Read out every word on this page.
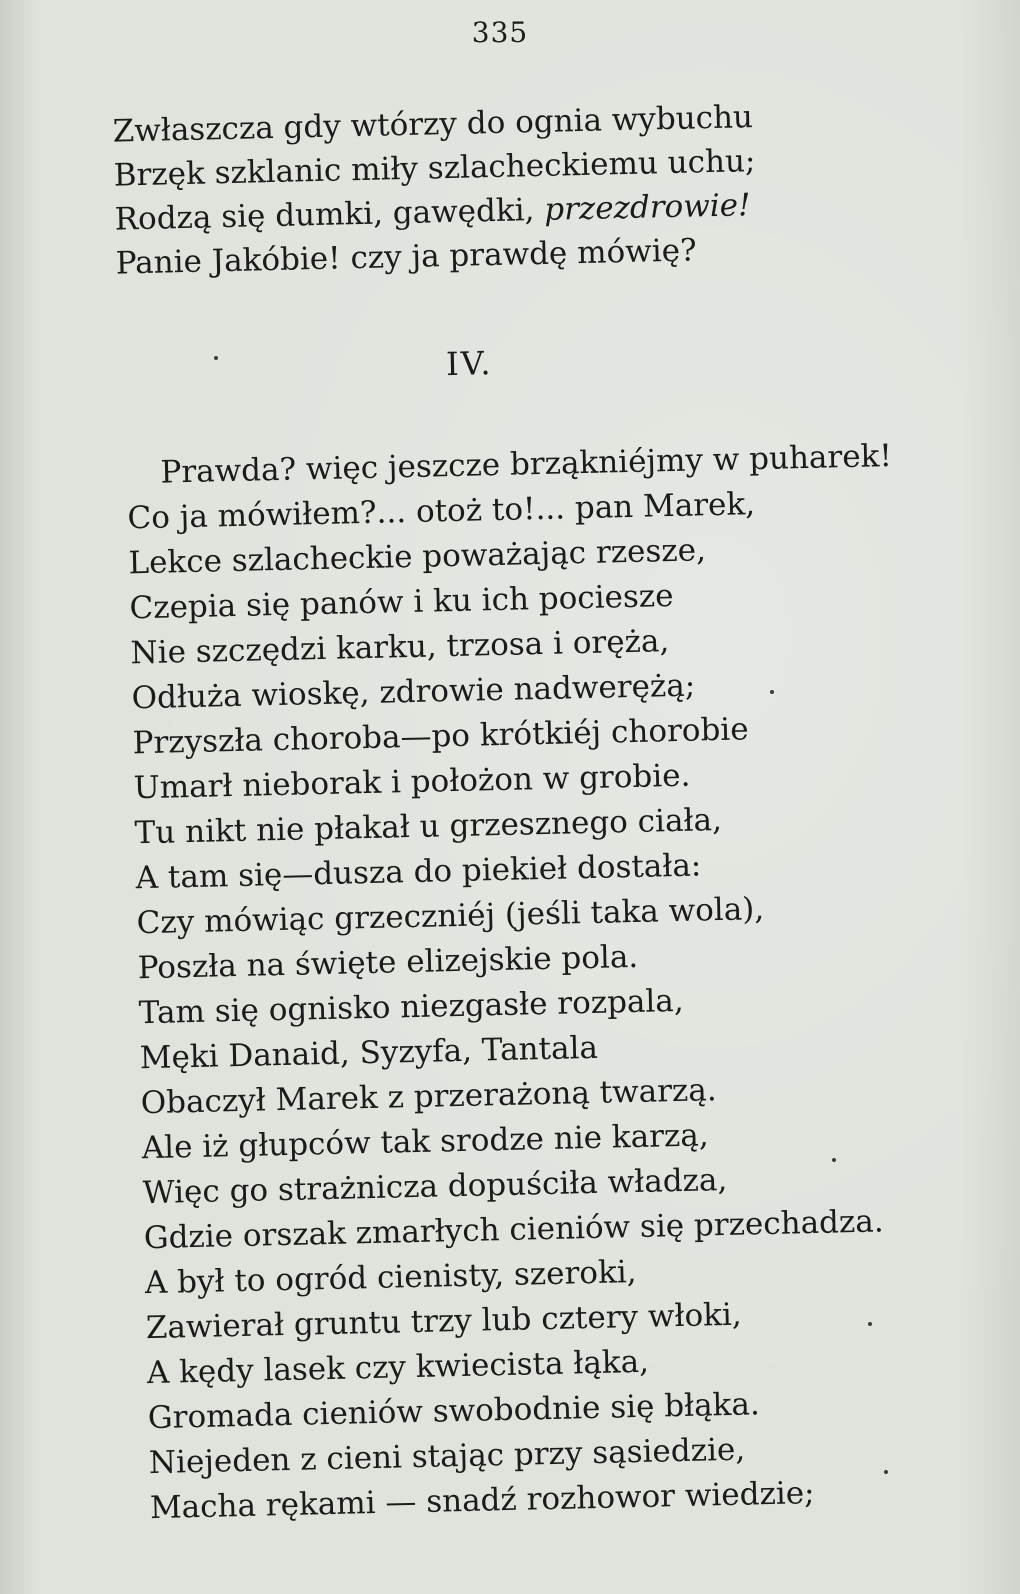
335
Zwłaszcza gdy wtórzy do ognia wybuchu
Brzęk szklanic miły szlacheckiemu uchu;
Rodzą się dumki, gawędki, przezdrowie!
Panie Jakóbie! czy ja prawdę mówię?
IV.
Prawda? więc jeszcze brząkniéjmy w puharek!
Co ja mówiłem?... otoż to!... pan Marek,
Lekce szlacheckie poważając rzesze,
Czepia się panów i ku ich pociesze
Nie szczędzi karku, trzosa i oręża,
Odłuża wioskę, zdrowie nadwerężą;
Przyszła choroba—po krótkiéj chorobie
Umarł nieborak i położon w grobie.
Tu nikt nie płakał u grzesznego ciała,
A tam się—dusza do piekieł dostała:
Czy mówiąc grzeczniéj (jeśli taka wola),
Poszła na święte elizejskie pola.
Tam się ognisko niezgasłe rozpala,
Męki Danaid, Syzyfa, Tantala
Obaczył Marek z przerażoną twarzą.
Ale iż głupców tak srodze nie karzą,
Więc go strażnicza dopuściła władza,
Gdzie orszak zmarłych cieniów się przechadza.
A był to ogród cienisty, szeroki,
Zawierał gruntu trzy lub cztery włoki,
A kędy lasek czy kwiecista łąka,
Gromada cieniów swobodnie się błąka.
Niejeden z cieni stając przy sąsiedzie,
Macha rękami — snadź rozhowor wiedzie;
